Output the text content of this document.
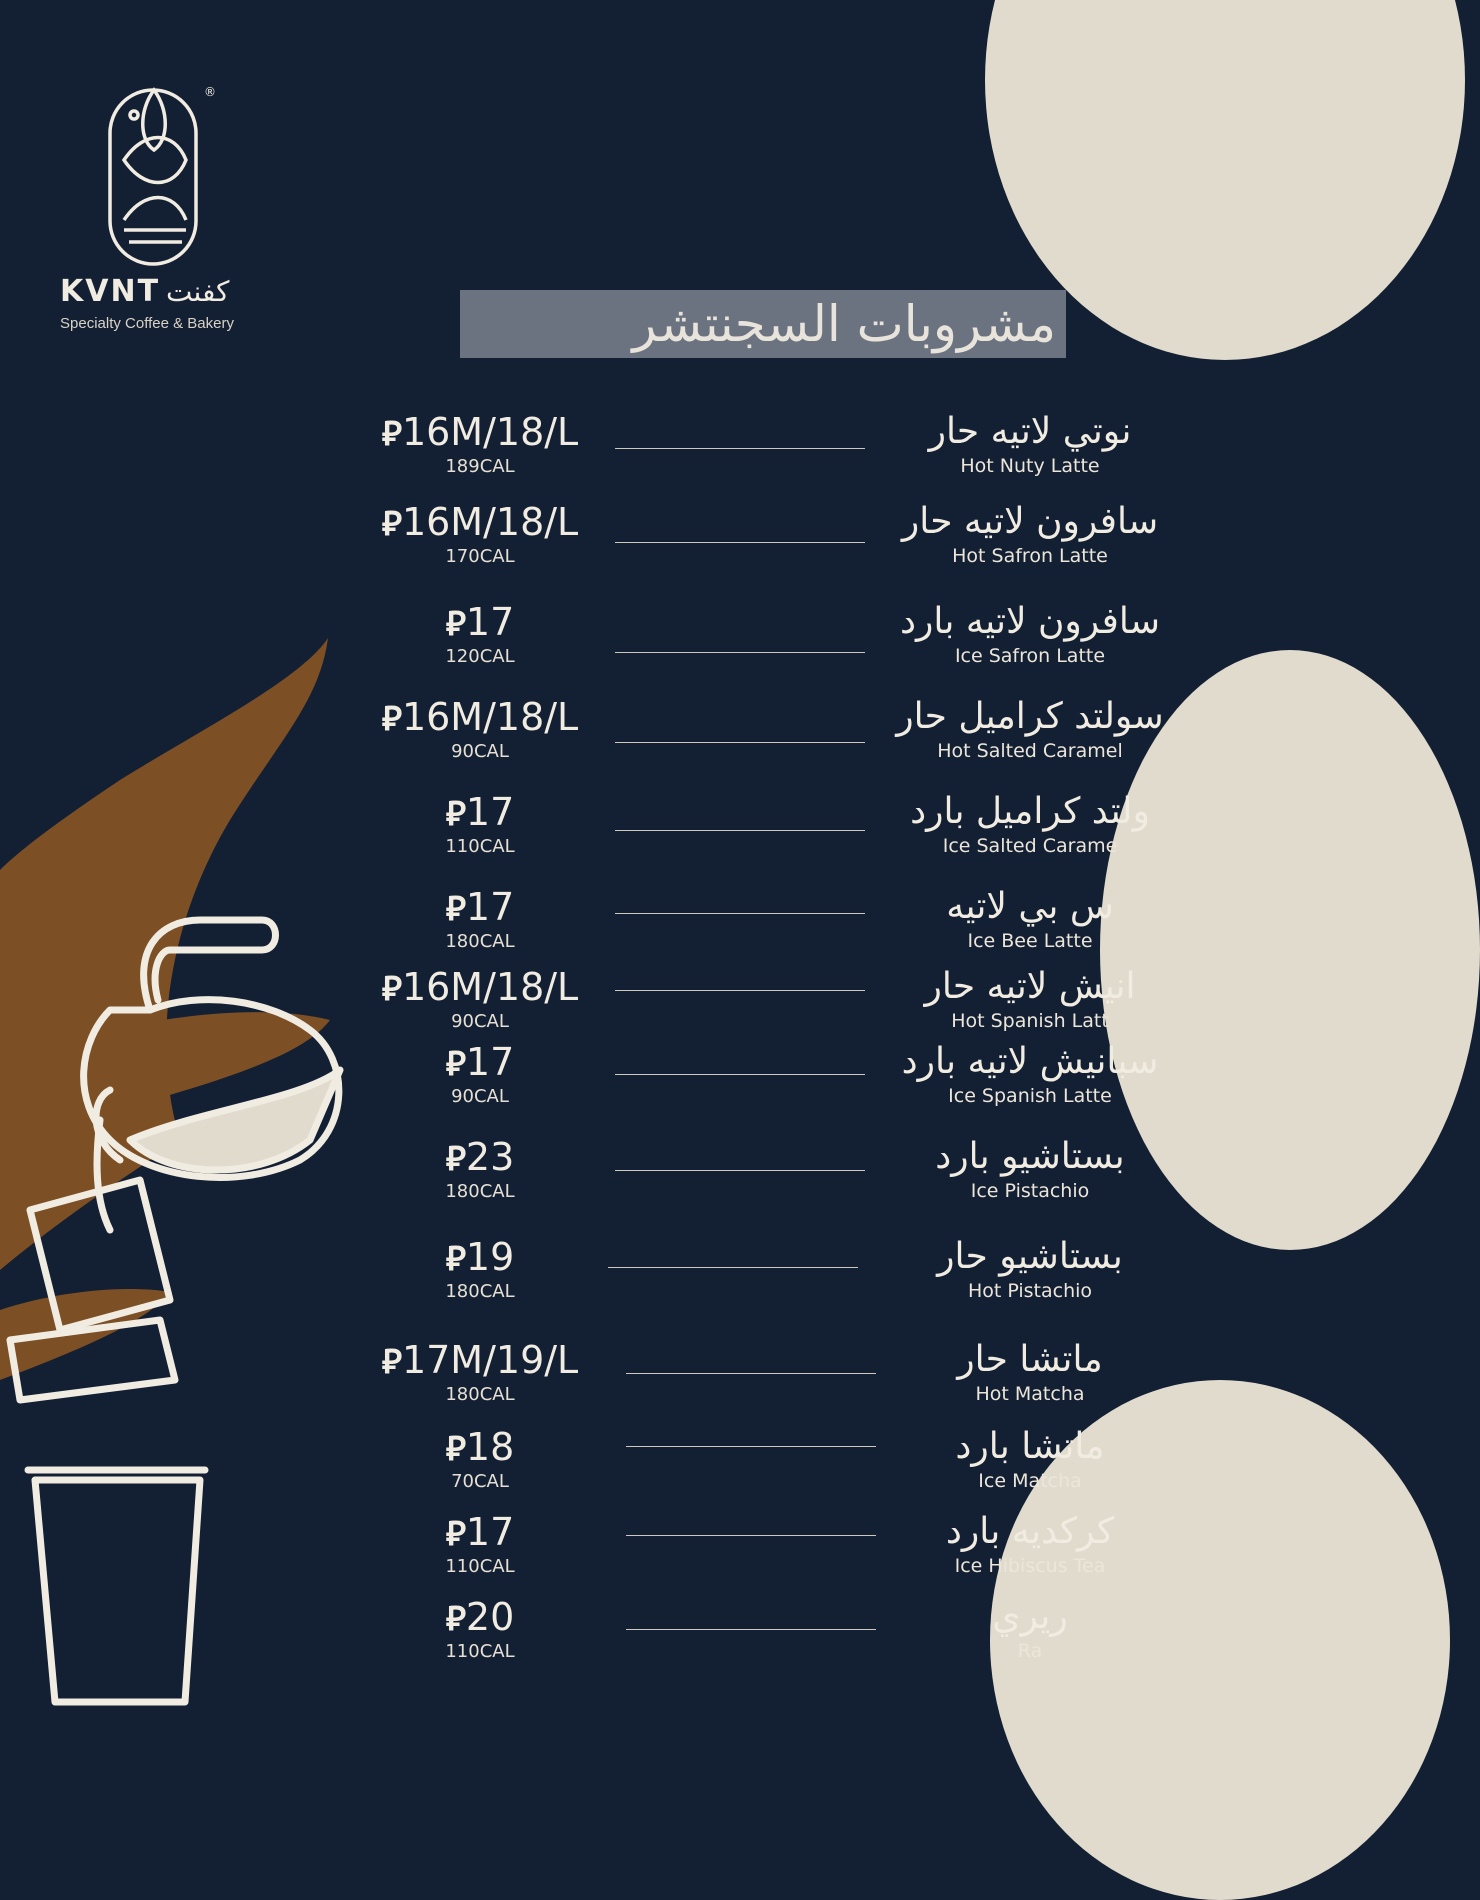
®
KVNT كفنت
Specialty Coffee & Bakery	مشروبات السجنتشر
⃁16M/18/L
189CAL
نوتي لاتيه حار
Hot Nuty Latte
⃁16M/18/L
170CAL
سافرون لاتيه حار
Hot Safron Latte
⃁17
120CAL
سافرون لاتيه بارد
Ice Safron Latte
⃁16M/18/L
90CAL
سولتد كراميل حار
Hot Salted Caramel
⃁17
110CAL
ولتد كراميل بارد
Ice Salted Carame
⃁17
180CAL
س بي لاتيه
Ice Bee Latte
⃁16M/18/L
90CAL
انيش لاتيه حار
Hot Spanish Latt
⃁17
90CAL
سبانيش لاتيه بارد
Ice Spanish Latte
⃁23
180CAL
بستاشيو بارد
Ice Pistachio
⃁19
180CAL
بستاشيو حار
Hot Pistachio
⃁17M/19/L
180CAL
ماتشا حار
Hot Matcha
⃁18
70CAL
ماتشا بارد
Ice Matcha
⃁17
110CAL
كركديه بارد
Ice Hibiscus Tea
⃁20
110CAL
ريري
Ra
